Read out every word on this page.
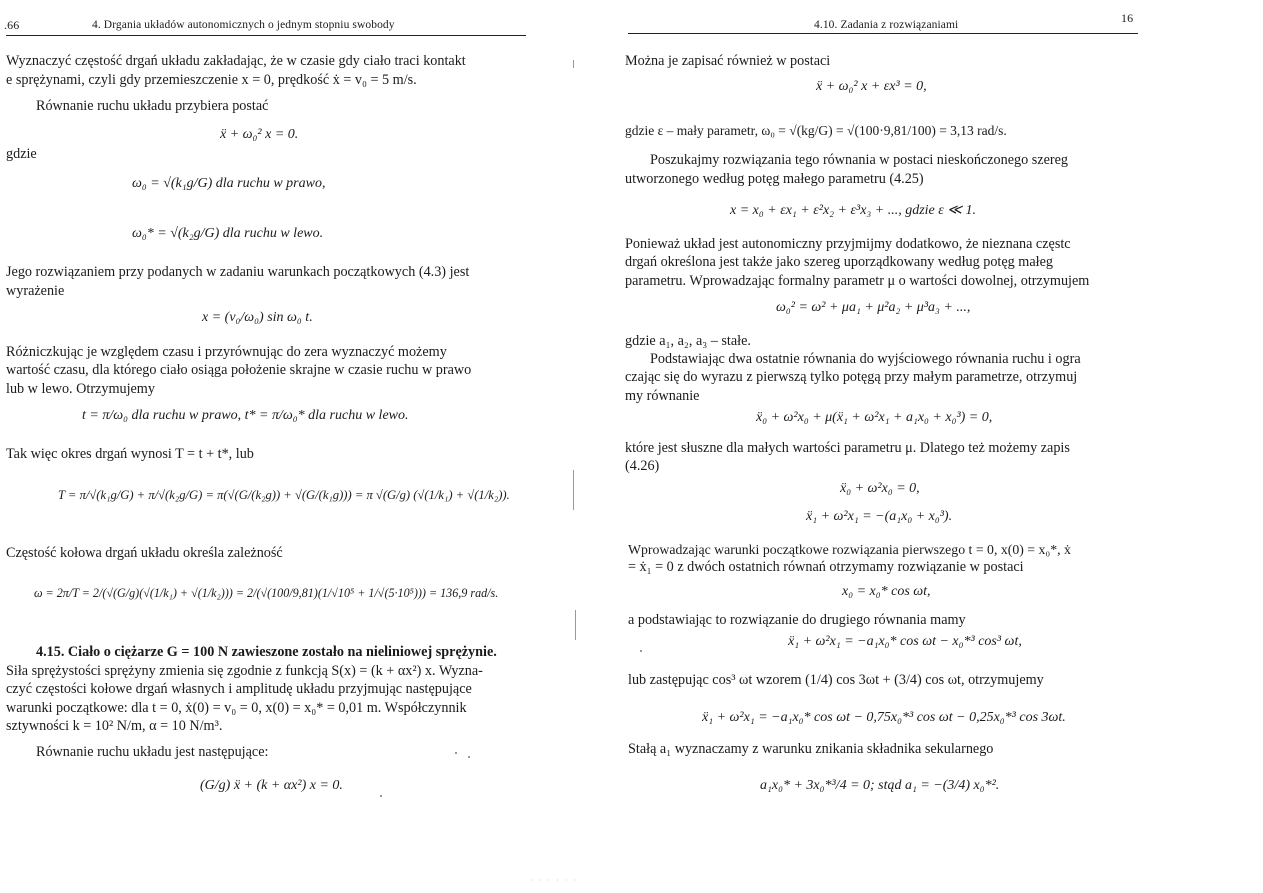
.66	4. Drgania układów autonomicznych o jednym stopniu swobody
Wyznaczyć częstość drgań układu zakładając, że w czasie gdy ciało traci kontakt
e sprężynami, czyli gdy przemieszczenie x = 0, prędkość ẋ = v₀ = 5 m/s.
Równanie ruchu układu przybiera postać
ẍ + ω₀² x = 0.
gdzie
ω₀ = √(k₁g/G) dla ruchu w prawo,
ω₀* = √(k₂g/G) dla ruchu w lewo.
Jego rozwiązaniem przy podanych w zadaniu warunkach początkowych (4.3) jest
wyrażenie
x = (v₀/ω₀) sin ω₀ t.
Różniczkując je względem czasu i przyrównując do zera wyznaczyć możemy
wartość czasu, dla którego ciało osiąga położenie skrajne w czasie ruchu w prawo
lub w lewo. Otrzymujemy
t = π/ω₀ dla ruchu w prawo, t* = π/ω₀* dla ruchu w lewo.
Tak więc okres drgań wynosi T = t + t*, lub
T = π/√(k₁g/G) + π/√(k₂g/G) = π(√(G/(k₂g)) + √(G/(k₁g))) = π √(G/g) (√(1/k₁) + √(1/k₂)).
Częstość kołowa drgań układu określa zależność
ω = 2π/T = 2/(√(G/g)(√(1/k₁) + √(1/k₂))) = 2/(√(100/9,81)(1/√10⁵ + 1/√(5·10⁵))) = 136,9 rad/s.
4.15. Ciało o ciężarze G = 100 N zawieszone zostało na nieliniowej sprężynie.
Siła sprężystości sprężyny zmienia się zgodnie z funkcją S(x) = (k + αx²) x. Wyzna-
czyć częstości kołowe drgań własnych i amplitudę układu przyjmując następujące
warunki początkowe: dla t = 0, ẋ(0) = v₀ = 0, x(0) = x₀* = 0,01 m. Współczynnik
sztywności k = 10² N/m, α = 10 N/m³.
Równanie ruchu układu jest następujące:
(G/g) ẍ + (k + αx²) x = 0.
4.10. Zadania z rozwiązaniami	16
Można je zapisać również w postaci
ẍ + ω₀² x + εx³ = 0,
gdzie ε – mały parametr, ω₀ = √(kg/G) = √(100·9,81/100) = 3,13 rad/s.
Poszukajmy rozwiązania tego równania w postaci nieskończonego szereg
utworzonego według potęg małego parametru (4.25)
x = x₀ + εx₁ + ε²x₂ + ε³x₃ + ..., gdzie ε ≪ 1.
Ponieważ układ jest autonomiczny przyjmijmy dodatkowo, że nieznana częstc
drgań określona jest także jako szereg uporządkowany według potęg małeg
parametru. Wprowadzając formalny parametr μ o wartości dowolnej, otrzymujem
ω₀² = ω² + μa₁ + μ²a₂ + μ³a₃ + ...,
gdzie a₁, a₂, a₃ – stałe.
Podstawiając dwa ostatnie równania do wyjściowego równania ruchu i ogra
czając się do wyrazu z pierwszą tylko potęgą przy małym parametrze, otrzymuj
my równanie
ẍ₀ + ω²x₀ + μ(ẍ₁ + ω²x₁ + a₁x₀ + x₀³) = 0,
które jest słuszne dla małych wartości parametru μ. Dlatego też możemy zapis
(4.26)
ẍ₀ + ω²x₀ = 0,
ẍ₁ + ω²x₁ = −(a₁x₀ + x₀³).
Wprowadzając warunki początkowe rozwiązania pierwszego t = 0, x(0) = x₀*, ẋ
= ẋ₁ = 0 z dwóch ostatnich równań otrzymamy rozwiązanie w postaci
x₀ = x₀* cos ωt,
a podstawiając to rozwiązanie do drugiego równania mamy
ẍ₁ + ω²x₁ = −a₁x₀* cos ωt − x₀*³ cos³ ωt,
lub zastępując cos³ ωt wzorem (1/4) cos 3ωt + (3/4) cos ωt, otrzymujemy
ẍ₁ + ω²x₁ = −a₁x₀* cos ωt − 0,75x₀*³ cos ωt − 0,25x₀*³ cos 3ωt.
Stałą a₁ wyznaczamy z warunku znikania składnika sekularnego
a₁x₀* + 3x₀*³/4 = 0; stąd a₁ = −(3/4) x₀*².
· · · · · ·
